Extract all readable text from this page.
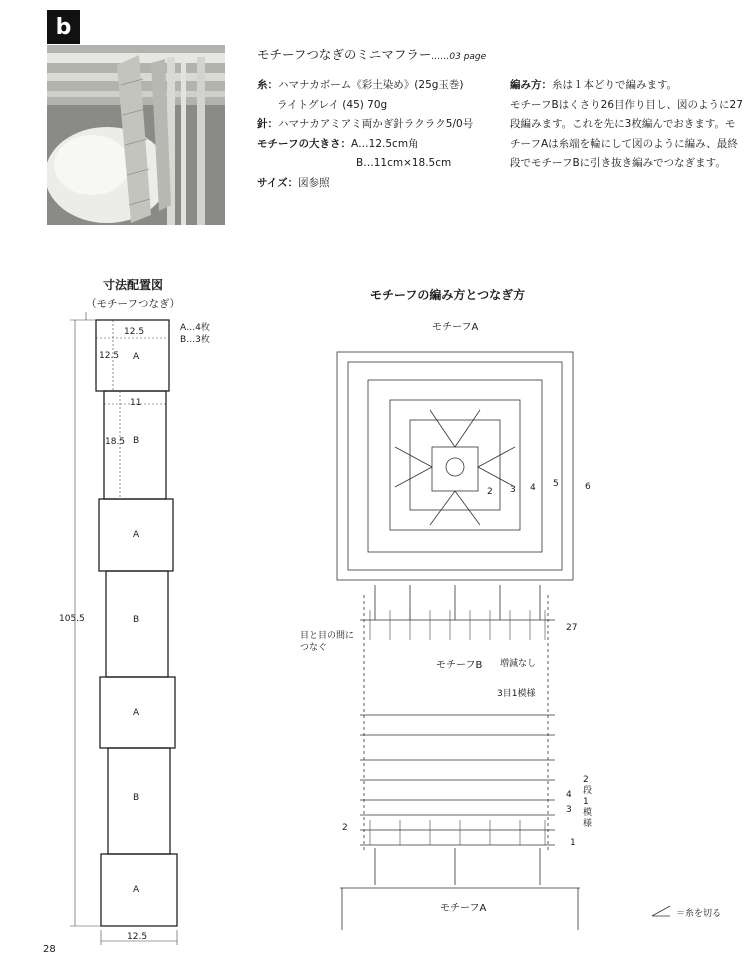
b
モチーフつなぎのミニマフラー……03 page
糸：ハマナカボーム《彩土染め》(25g玉巻)
ライトグレイ (45) 70g
針：ハマナカアミアミ両かぎ針ラクラク5/0号
モチーフの大きさ：A…12.5cm角
B…11cm×18.5cm
サイズ：図参照
編み方：糸は１本どりで編みます。
モチーフBはくさり26目作り目し、図のように27段編みます。これを先に3枚編んでおきます。モチーフAは糸端を輪にして図のように編み、最終段でモチーフBに引き抜き編みでつなぎます。
寸法配置図
（モチーフつなぎ）
A…4枚
B…3枚
12.5
12.5
11
18.5
105.5
12.5
A
B
A
B
A
B
A
モチーフの編み方とつなぎ方
モチーフA
モチーフB 増減なし
3目1模様
2段1模様
目と目の間に
つなぐ
モチーフA	＝糸を切る
2 3 4 5	6
27
4
3
2
1
28
